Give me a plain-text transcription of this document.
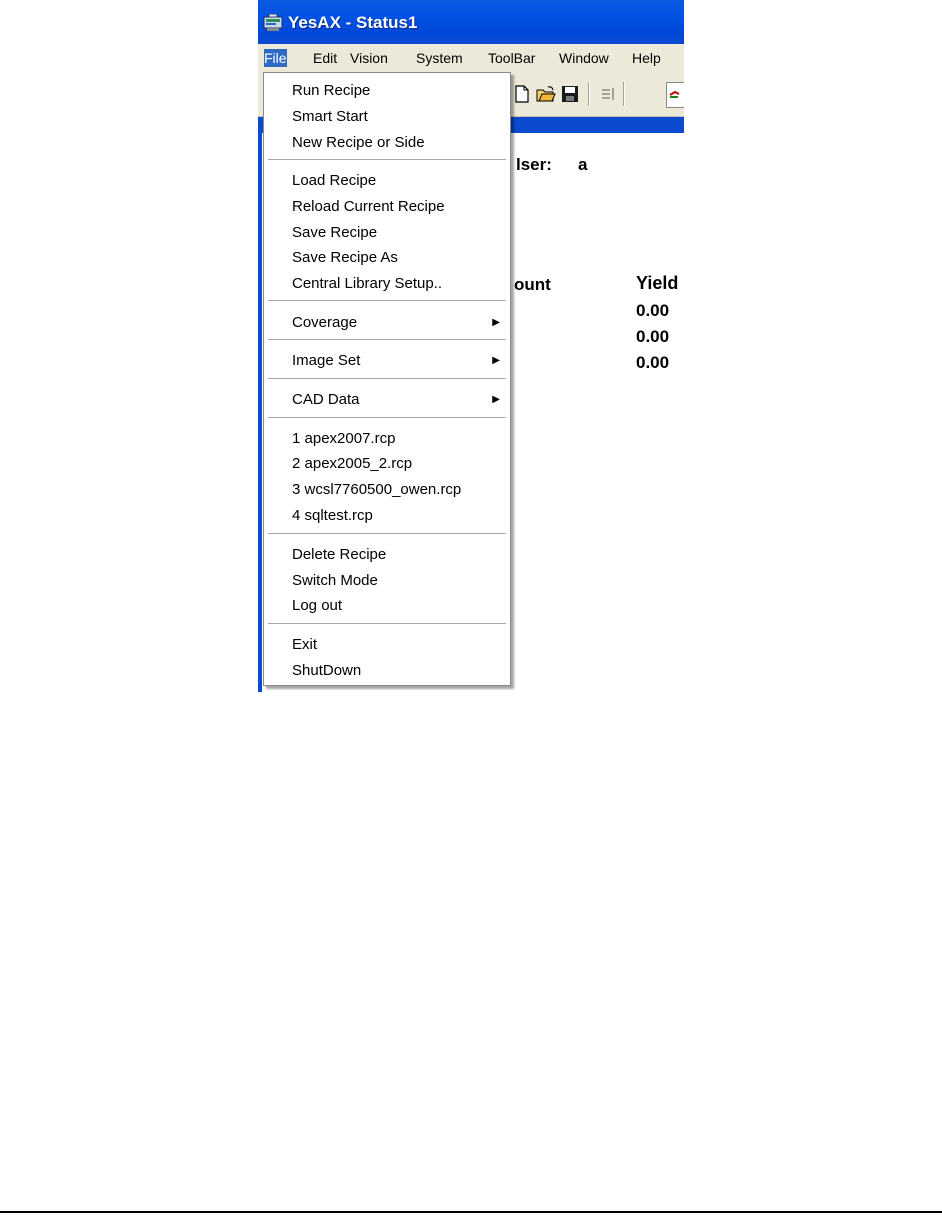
YesAX - Status1
File Edit Vision System ToolBar Window Help
lser: a
ount	Yield
0.00
0.00
0.00
Run Recipe
Smart Start
New Recipe or Side
Load Recipe
Reload Current Recipe
Save Recipe
Save Recipe As
Central Library Setup..
Coverage	▶
Image Set	▶
CAD Data	▶
1 apex2007.rcp
2 apex2005_2.rcp
3 wcsl7760500_owen.rcp
4 sqltest.rcp
Delete Recipe
Switch Mode
Log out
Exit
ShutDown
